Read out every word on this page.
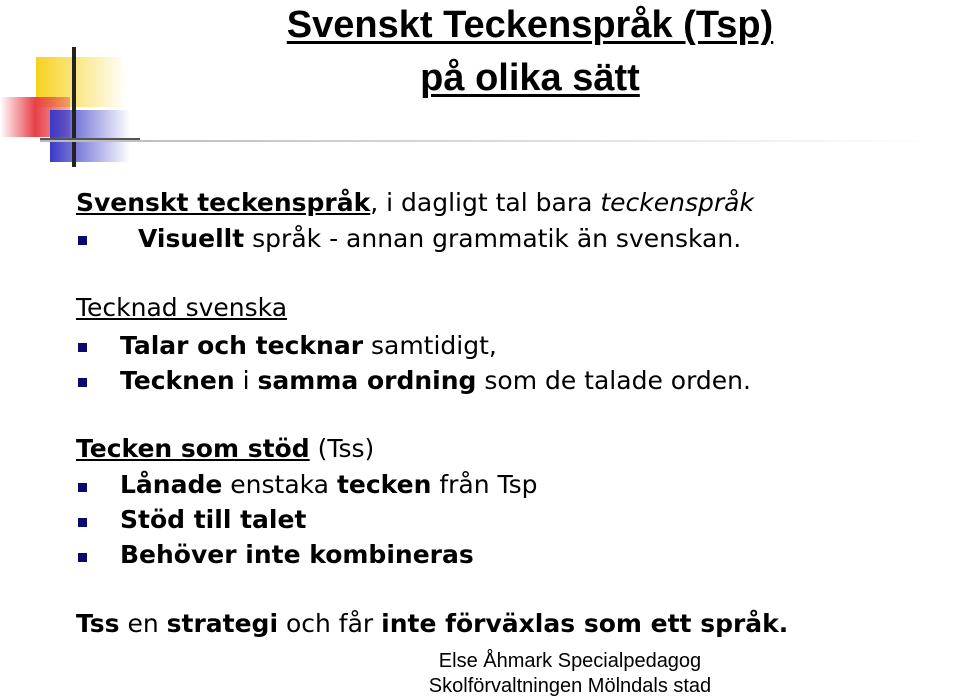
Svenskt Teckenspråk (Tsp)
på olika sätt
Svenskt teckenspråk, i dagligt tal bara teckenspråk
Visuellt språk - annan grammatik än svenskan.
Tecknad svenska
Talar och tecknar samtidigt,
Tecknen i samma ordning som de talade orden.
Tecken som stöd (Tss)
Lånade enstaka tecken från Tsp
Stöd till talet
Behöver inte kombineras
Tss en strategi och får inte förväxlas som ett språk.
Else Åhmark Specialpedagog
Skolförvaltningen Mölndals stad
